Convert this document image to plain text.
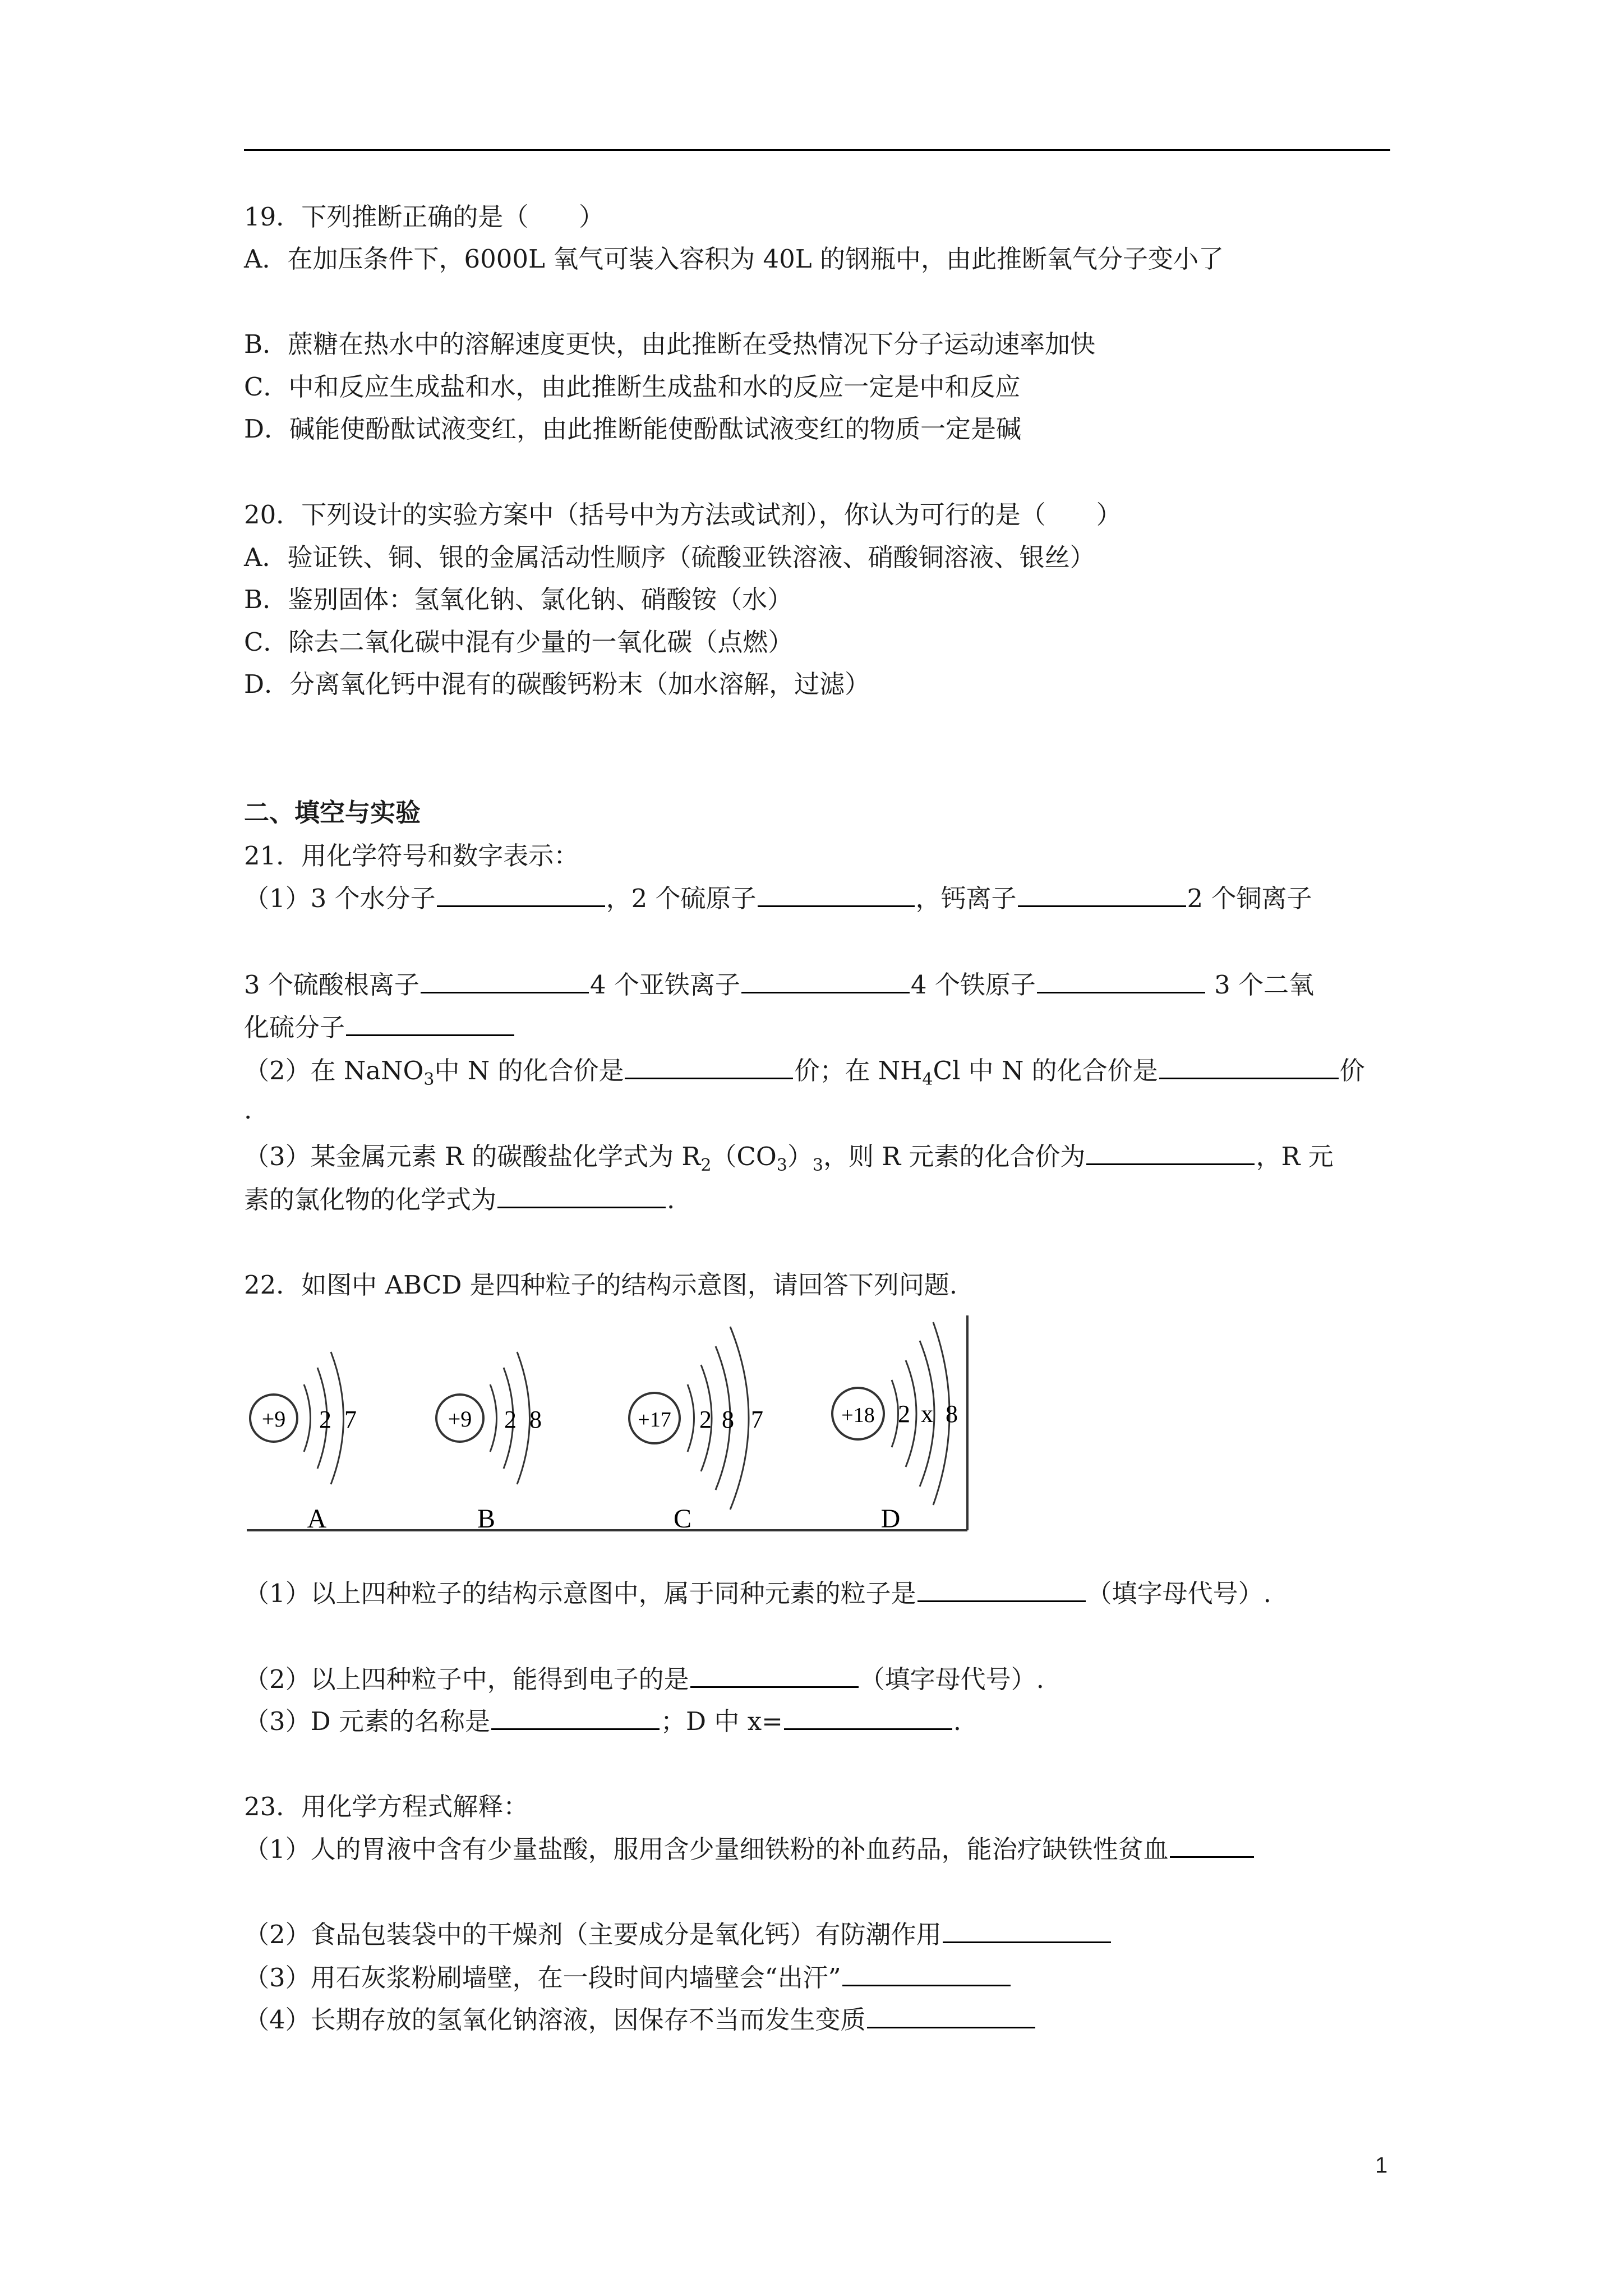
19．下列推断正确的是（　　）
A．在加压条件下，6000L 氧气可装入容积为 40L 的钢瓶中，由此推断氧气分子变小了
B．蔗糖在热水中的溶解速度更快，由此推断在受热情况下分子运动速率加快
C．中和反应生成盐和水，由此推断生成盐和水的反应一定是中和反应
D．碱能使酚酞试液变红，由此推断能使酚酞试液变红的物质一定是碱
20．下列设计的实验方案中（括号中为方法或试剂），你认为可行的是（　　）
A．验证铁、铜、银的金属活动性顺序（硫酸亚铁溶液、硝酸铜溶液、银丝）
B．鉴别固体：氢氧化钠、氯化钠、硝酸铵（水）
C．除去二氧化碳中混有少量的一氧化碳（点燃）
D．分离氧化钙中混有的碳酸钙粉末（加水溶解，过滤）
二、填空与实验
21．用化学符号和数字表示：
（1）3 个水分子	，2 个硫原子	，钙离子	2 个铜离子
3 个硫酸根离子	4 个亚铁离子	4 个铁原子	3 个二氧
化硫分子
（2）在 NaNO$_3$中 N 的化合价是	价；在 $NH_4Cl$ 中 N 的化合价是	价
.
（3）某金属元素 R 的碳酸盐化学式为 $R_2(CO_3)_3$，则 R 元素的化合价为	，R 元
素的氯化物的化学式为	.
22．如图中 ABCD 是四种粒子的结构示意图，请回答下列问题.
+9 2 7
A
+9 2 8
B
+17 2 8 7
C
+18 2 x 8
D
（1）以上四种粒子的结构示意图中，属于同种元素的粒子是	（填字母代号）.
（2）以上四种粒子中，能得到电子的是	（填字母代号）.
（3）D 元素的名称是	；D 中 x=	.
23．用化学方程式解释：
（1）人的胃液中含有少量盐酸，服用含少量细铁粉的补血药品，能治疗缺铁性贫血
（2）食品包装袋中的干燥剂（主要成分是氧化钙）有防潮作用
（3）用石灰浆粉刷墙壁，在一段时间内墙壁会“出汗”
（4）长期存放的氢氧化钠溶液，因保存不当而发生变质
1
